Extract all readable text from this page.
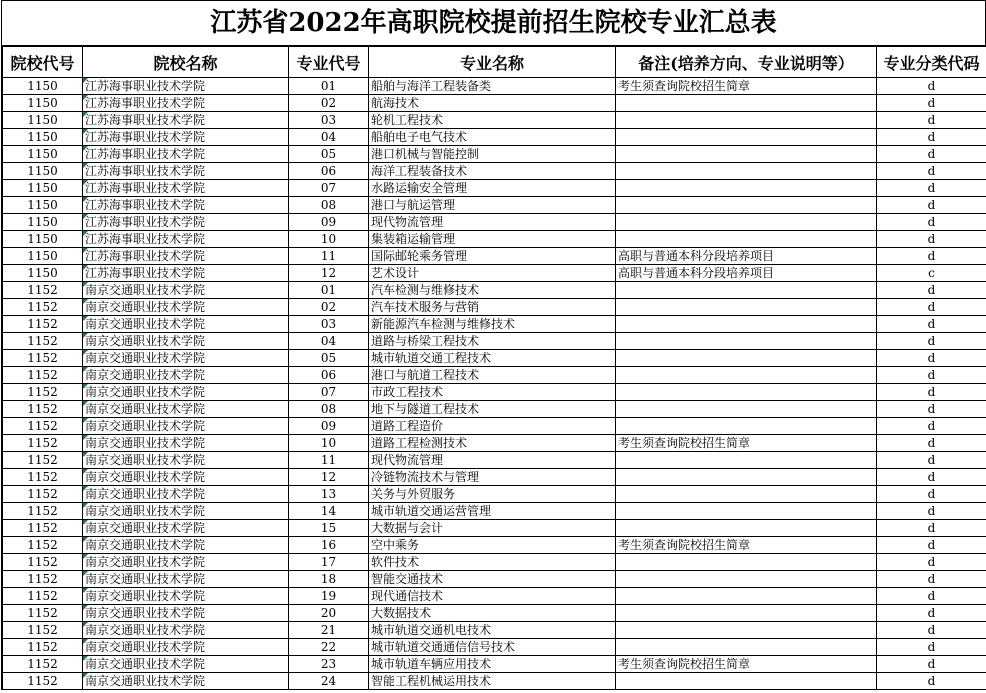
江苏省2022年高职院校提前招生院校专业汇总表
院校代号	院校名称	专业代号	专业名称	备注(培养方向、专业说明等）	专业分类代码
1150	江苏海事职业技术学院	01	船舶与海洋工程装备类	考生须查询院校招生简章	d
1150	江苏海事职业技术学院	02	航海技术		d
1150	江苏海事职业技术学院	03	轮机工程技术		d
1150	江苏海事职业技术学院	04	船舶电子电气技术		d
1150	江苏海事职业技术学院	05	港口机械与智能控制		d
1150	江苏海事职业技术学院	06	海洋工程装备技术		d
1150	江苏海事职业技术学院	07	水路运输安全管理		d
1150	江苏海事职业技术学院	08	港口与航运管理		d
1150	江苏海事职业技术学院	09	现代物流管理		d
1150	江苏海事职业技术学院	10	集装箱运输管理		d
1150	江苏海事职业技术学院	11	国际邮轮乘务管理	高职与普通本科分段培养项目	d
1150	江苏海事职业技术学院	12	艺术设计	高职与普通本科分段培养项目	c
1152	南京交通职业技术学院	01	汽车检测与维修技术		d
1152	南京交通职业技术学院	02	汽车技术服务与营销		d
1152	南京交通职业技术学院	03	新能源汽车检测与维修技术		d
1152	南京交通职业技术学院	04	道路与桥梁工程技术		d
1152	南京交通职业技术学院	05	城市轨道交通工程技术		d
1152	南京交通职业技术学院	06	港口与航道工程技术		d
1152	南京交通职业技术学院	07	市政工程技术		d
1152	南京交通职业技术学院	08	地下与隧道工程技术		d
1152	南京交通职业技术学院	09	道路工程造价		d
1152	南京交通职业技术学院	10	道路工程检测技术	考生须查询院校招生简章	d
1152	南京交通职业技术学院	11	现代物流管理		d
1152	南京交通职业技术学院	12	冷链物流技术与管理		d
1152	南京交通职业技术学院	13	关务与外贸服务		d
1152	南京交通职业技术学院	14	城市轨道交通运营管理		d
1152	南京交通职业技术学院	15	大数据与会计		d
1152	南京交通职业技术学院	16	空中乘务	考生须查询院校招生简章	d
1152	南京交通职业技术学院	17	软件技术		d
1152	南京交通职业技术学院	18	智能交通技术		d
1152	南京交通职业技术学院	19	现代通信技术		d
1152	南京交通职业技术学院	20	大数据技术		d
1152	南京交通职业技术学院	21	城市轨道交通机电技术		d
1152	南京交通职业技术学院	22	城市轨道交通通信信号技术		d
1152	南京交通职业技术学院	23	城市轨道车辆应用技术	考生须查询院校招生简章	d
1152	南京交通职业技术学院	24	智能工程机械运用技术		d
